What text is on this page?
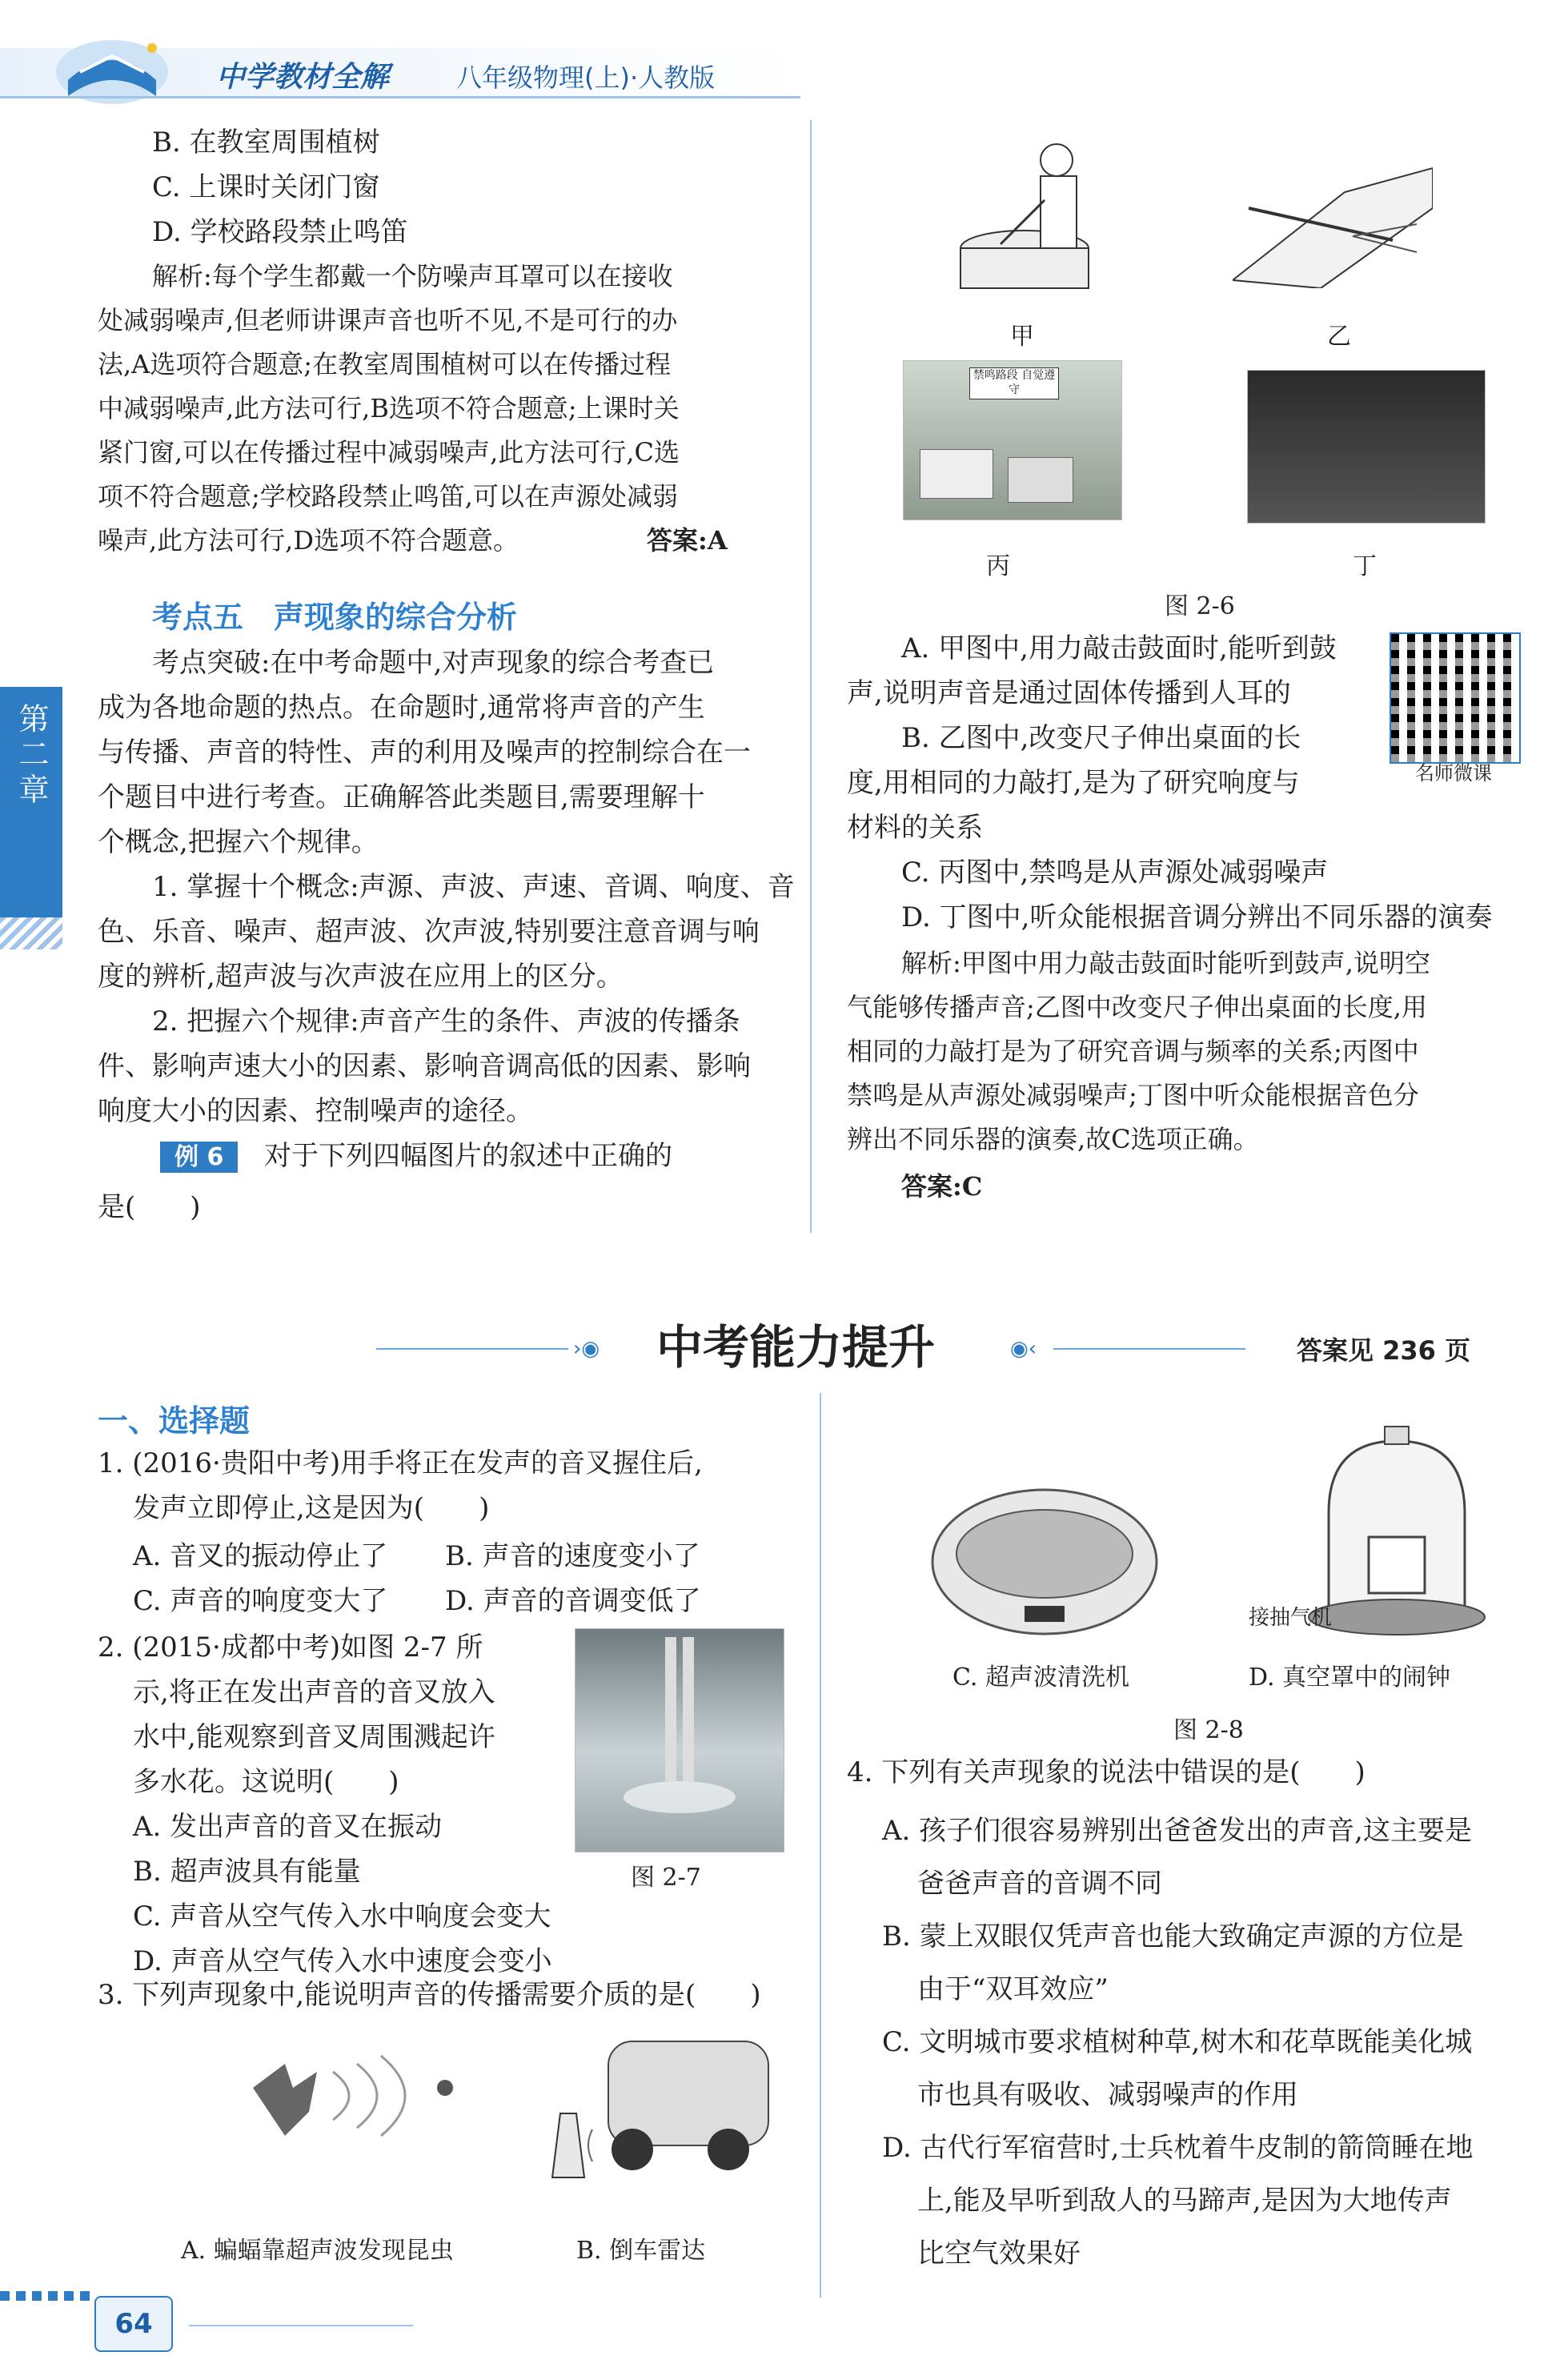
中学教材全解	八年级物理(上)·人教版
第二章
B. 在教室周围植树
C. 上课时关闭门窗
D. 学校路段禁止鸣笛
解析:每个学生都戴一个防噪声耳罩可以在接收
处减弱噪声,但老师讲课声音也听不见,不是可行的办
法,A选项符合题意;在教室周围植树可以在传播过程
中减弱噪声,此方法可行,B选项不符合题意;上课时关
紧门窗,可以在传播过程中减弱噪声,此方法可行,C选
项不符合题意;学校路段禁止鸣笛,可以在声源处减弱
噪声,此方法可行,D选项不符合题意。	答案:A
考点五　声现象的综合分析
考点突破:在中考命题中,对声现象的综合考查已
成为各地命题的热点。在命题时,通常将声音的产生
与传播、声音的特性、声的利用及噪声的控制综合在一
个题目中进行考查。正确解答此类题目,需要理解十
个概念,把握六个规律。
1. 掌握十个概念:声源、声波、声速、音调、响度、音
色、乐音、噪声、超声波、次声波,特别要注意音调与响
度的辨析,超声波与次声波在应用上的区分。
2. 把握六个规律:声音产生的条件、声波的传播条
件、影响声速大小的因素、影响音调高低的因素、影响
响度大小的因素、控制噪声的途径。
例 6	对于下列四幅图片的叙述中正确的
是(　　)
甲	乙
禁鸣路段 自觉遵守
丙	丁
图 2-6
名师微课
A. 甲图中,用力敲击鼓面时,能听到鼓
声,说明声音是通过固体传播到人耳的
B. 乙图中,改变尺子伸出桌面的长
度,用相同的力敲打,是为了研究响度与
材料的关系
C. 丙图中,禁鸣是从声源处减弱噪声
D. 丁图中,听众能根据音调分辨出不同乐器的演奏
解析:甲图中用力敲击鼓面时能听到鼓声,说明空
气能够传播声音;乙图中改变尺子伸出桌面的长度,用
相同的力敲打是为了研究音调与频率的关系;丙图中
禁鸣是从声源处减弱噪声;丁图中听众能根据音色分
辨出不同乐器的演奏,故C选项正确。
答案:C
›◉ 中考能力提升	◉‹	答案见 236 页
一、选择题
1. (2016·贵阳中考)用手将正在发声的音叉握住后,
发声立即停止,这是因为(　　)
A. 音叉的振动停止了 B. 声音的速度变小了
C. 声音的响度变大了 D. 声音的音调变低了
2. (2015·成都中考)如图 2-7 所
示,将正在发出声音的音叉放入
水中,能观察到音叉周围溅起许
多水花。这说明(　　)
A. 发出声音的音叉在振动
B. 超声波具有能量
C. 声音从空气传入水中响度会变大
D. 声音从空气传入水中速度会变小
图 2-7
3. 下列声现象中,能说明声音的传播需要介质的是(　　)
A. 蝙蝠靠超声波发现昆虫	B. 倒车雷达
C. 超声波清洗机
接抽气机
D. 真空罩中的闹钟
图 2-8
4. 下列有关声现象的说法中错误的是(　　)
A. 孩子们很容易辨别出爸爸发出的声音,这主要是
爸爸声音的音调不同
B. 蒙上双眼仅凭声音也能大致确定声源的方位是
由于“双耳效应”
C. 文明城市要求植树种草,树木和花草既能美化城
市也具有吸收、减弱噪声的作用
D. 古代行军宿营时,士兵枕着牛皮制的箭筒睡在地
上,能及早听到敌人的马蹄声,是因为大地传声
比空气效果好
64
